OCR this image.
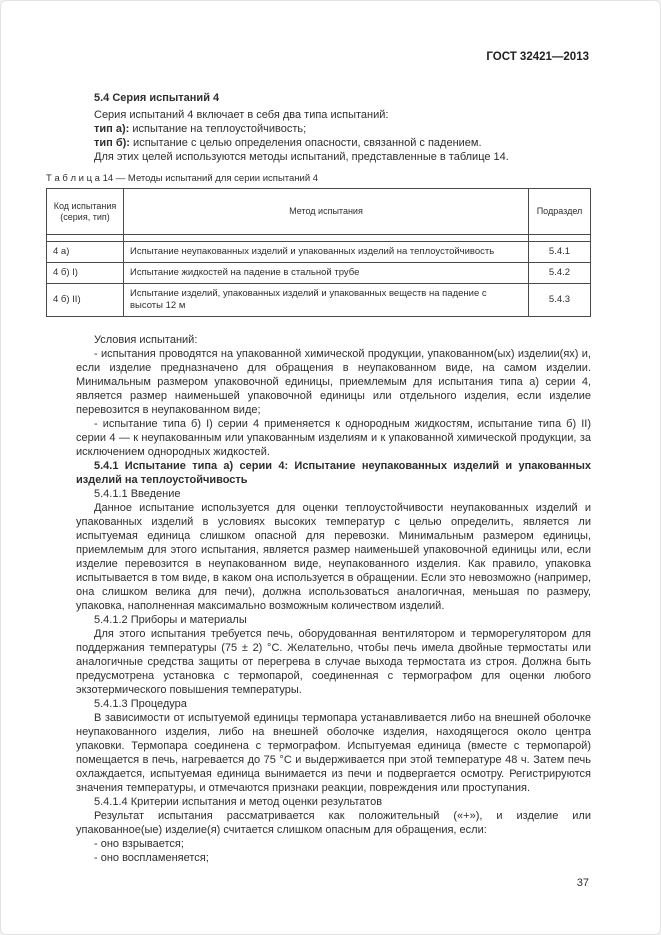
ГОСТ 32421—2013

5.4 Серия испытаний 4

Серия испытаний 4 включает в себя два типа испытаний:

тип а): испытание на теплоустойчивость;

тип б): испытание с целью определения опасности, связанной с падением.

Для этих целей используются методы испытаний, представленные в таблице 14.

Т а б л и ц а 14 — Методы испытаний для серии испытаний 4
Код испытания (серия, тип)	Метод испытания	Подраздел

4 а)	Испытание неупакованных изделий и упакованных изделий на теплоустойчивость	5.4.1
4 б) I)	Испытание жидкостей на падение в стальной трубе	5.4.2
4 б) II)	Испытание изделий, упакованных изделий и упакованных веществ на падение с высоты 12 м	5.4.3

Условия испытаний:

- испытания проводятся на упакованной химической продукции, упакованном(ых) изделии(ях) и, если изделие предназначено для обращения в неупакованном виде, на самом изделии. Минимальным размером упаковочной единицы, приемлемым для испытания типа а) серии 4, является размер наименьшей упаковочной единицы или отдельного изделия, если изделие перевозится в неупакованном виде;

- испытание типа б) I) серии 4 применяется к однородным жидкостям, испытание типа б) II) серии 4 — к неупакованным или упакованным изделиям и к упакованной химической продукции, за исключением однородных жидкостей.

5.4.1 Испытание типа а) серии 4: Испытание неупакованных изделий и упакованных изделий на теплоустойчивость

5.4.1.1 Введение

Данное испытание используется для оценки теплоустойчивости неупакованных изделий и упакованных изделий в условиях высоких температур с целью определить, является ли испытуемая единица слишком опасной для перевозки. Минимальным размером единицы, приемлемым для этого испытания, является размер наименьшей упаковочной единицы или, если изделие перевозится в неупакованном виде, неупакованного изделия. Как правило, упаковка испытывается в том виде, в каком она используется в обращении. Если это невозможно (например, она слишком велика для печи), должна использоваться аналогичная, меньшая по размеру, упаковка, наполненная максимально возможным количеством изделий.

5.4.1.2 Приборы и материалы

Для этого испытания требуется печь, оборудованная вентилятором и терморегулятором для поддержания температуры (75 ± 2) °С. Желательно, чтобы печь имела двойные термостаты или аналогичные средства защиты от перегрева в случае выхода термостата из строя. Должна быть предусмотрена установка с термопарой, соединенная с термографом для оценки любого экзотермического повышения температуры.

5.4.1.3 Процедура

В зависимости от испытуемой единицы термопара устанавливается либо на внешней оболочке неупакованного изделия, либо на внешней оболочке изделия, находящегося около центра упаковки. Термопара соединена с термографом. Испытуемая единица (вместе с термопарой) помещается в печь, нагревается до 75 °С и выдерживается при этой температуре 48 ч. Затем печь охлаждается, испытуемая единица вынимается из печи и подвергается осмотру. Регистрируются значения температуры, и отмечаются признаки реакции, повреждения или проступания.

5.4.1.4 Критерии испытания и метод оценки результатов

Результат испытания рассматривается как положительный («+»), и изделие или упакованное(ые) изделие(я) считается слишком опасным для обращения, если:

- оно взрывается;

- оно воспламеняется;

37
